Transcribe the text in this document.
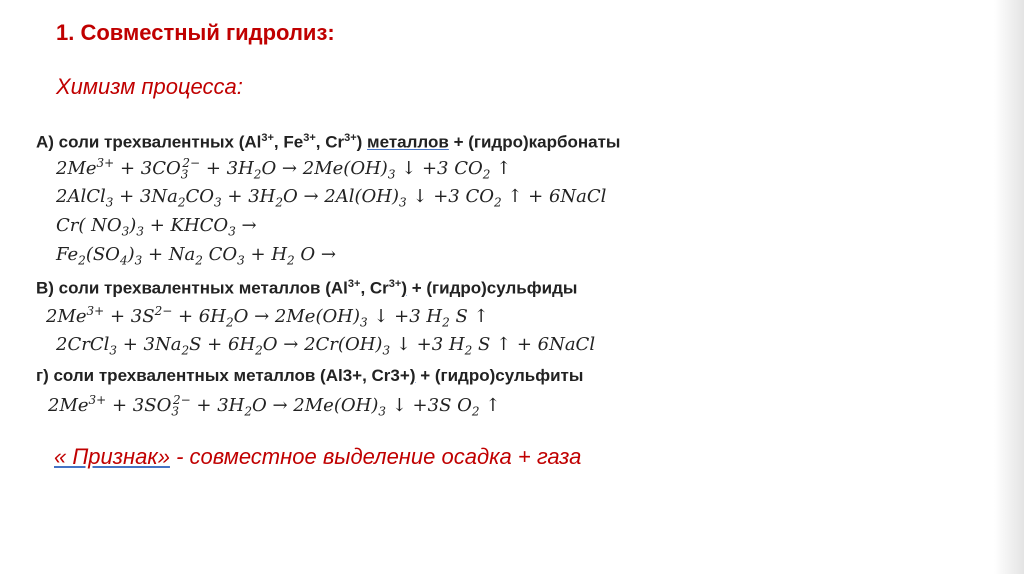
1. Совместный гидролиз:
Химизм процесса:
А) соли трехвалентных ($Al^{3+}$, $Fe^{3+}$, $Cr^{3+}$) металлов + (гидро)карбонаты
$2Me^{3+} + 3CO_3^{2-} + 3H_2O \to 2Me(OH)_3$ ↓ +3 $CO_2$ ↑
2AlCl$_3$ + $3Na_2CO_3 + 3H_2O \to 2Al(OH)_3$ ↓ +3 $CO_2$ ↑ + 6NaCl
Cr( $NO_3)_3$ + $KHCO_3$ →
$Fe_2(SO_4)_3 + Na_2$ $CO_3 + H_2$ O →
В) соли трехвалентных металлов ($Al^{3+}$, $Cr^{3+}$) + (гидро)сульфиды
$2Me^{3+} + 3S^{2-} + 6H_2O \to 2Me(OH)_3$ ↓ +3 $H_2$ S ↑
2CrCl$_3$ + $3Na_2S + 6H_2O \to 2Cr(OH)_3$ ↓ +3 $H_2$ S ↑ + 6NaCl
г) соли трехвалентных металлов (Al3+, Cr3+) + (гидро)сульфиты
$2Me^{3+} + 3SO_3^{2-} + 3H_2O \to 2Me(OH)_3$ ↓ +3S $O_2$ ↑
« Признак» - совместное выделение осадка + газа
